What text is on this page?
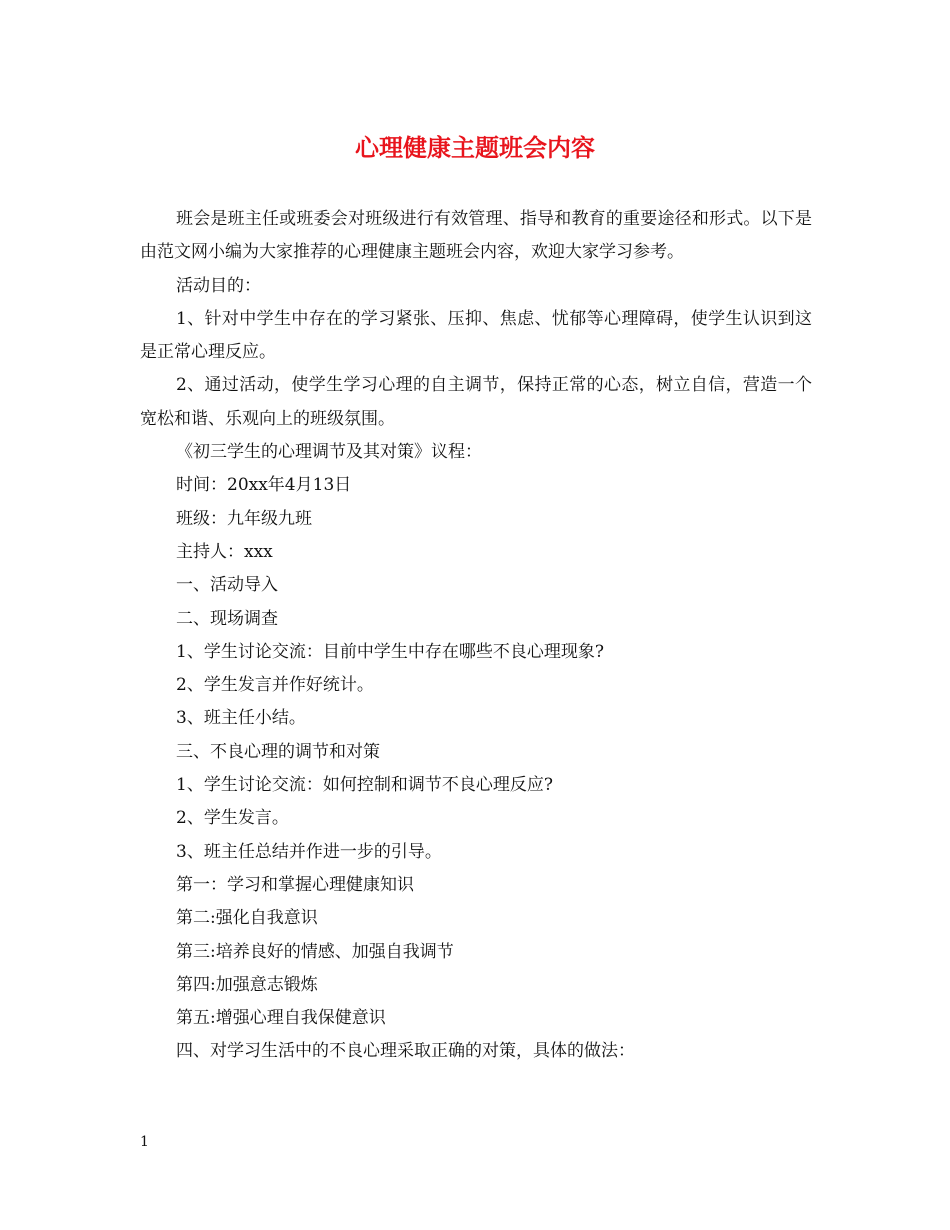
心理健康主题班会内容

班会是班主任或班委会对班级进行有效管理、指导和教育的重要途径和形式。以下是由范文网小编为大家推荐的心理健康主题班会内容，欢迎大家学习参考。

活动目的：

1、针对中学生中存在的学习紧张、压抑、焦虑、忧郁等心理障碍，使学生认识到这是正常心理反应。

2、通过活动，使学生学习心理的自主调节，保持正常的心态，树立自信，营造一个宽松和谐、乐观向上的班级氛围。

《初三学生的心理调节及其对策》议程：

时间：20xx年4月13日

班级：九年级九班

主持人：xxx

一、活动导入

二、现场调查

1、学生讨论交流：目前中学生中存在哪些不良心理现象?

2、学生发言并作好统计。

3、班主任小结。

三、不良心理的调节和对策

1、学生讨论交流：如何控制和调节不良心理反应?

2、学生发言。

3、班主任总结并作进一步的引导。

第一：学习和掌握心理健康知识

第二:强化自我意识

第三:培养良好的情感、加强自我调节

第四:加强意志锻炼

第五:增强心理自我保健意识

四、对学习生活中的不良心理采取正确的对策，具体的做法：

1
